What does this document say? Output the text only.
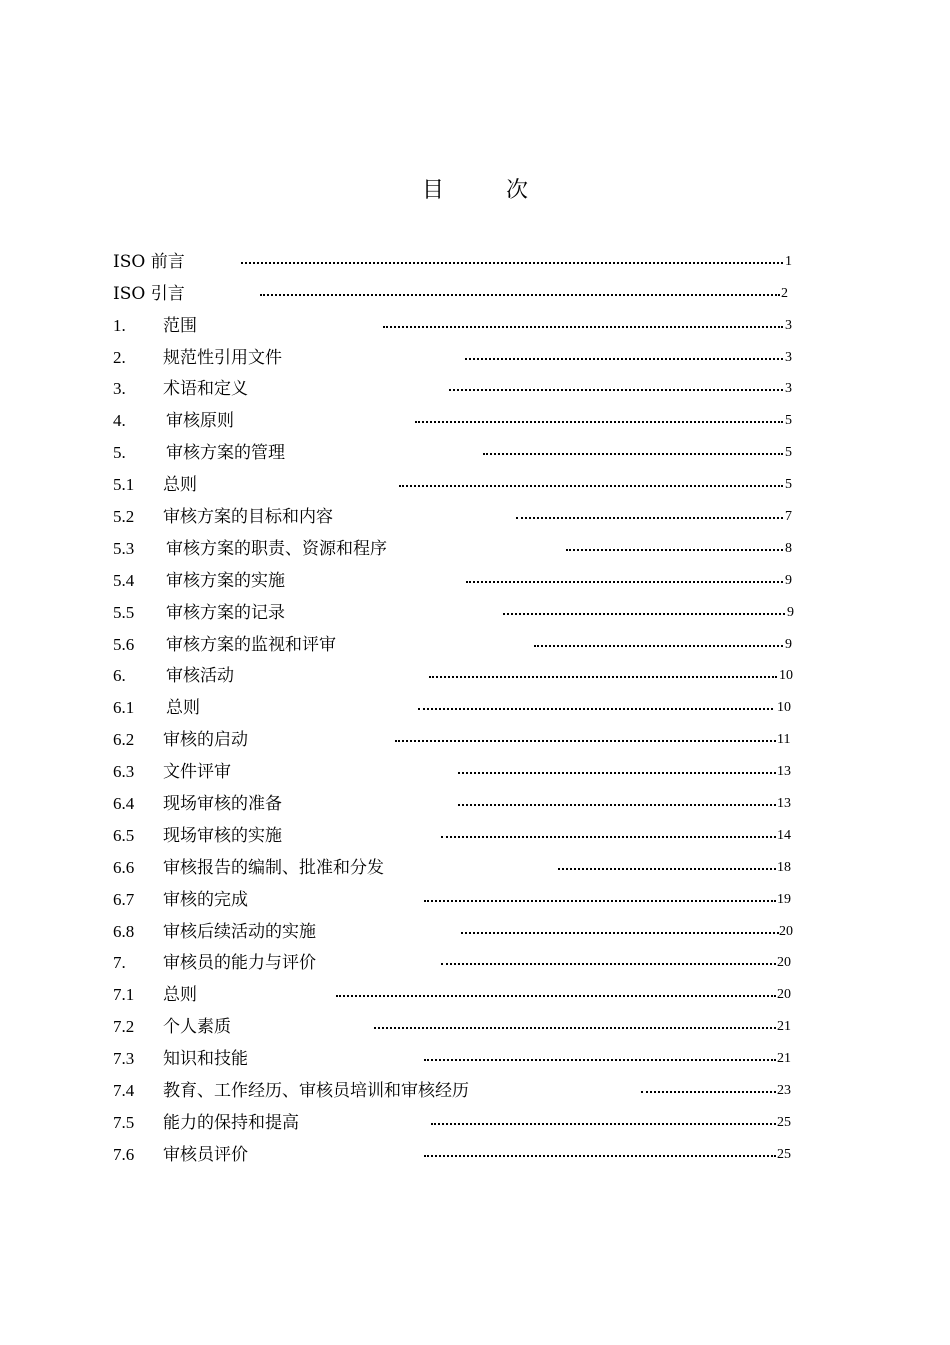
目	次
ISO 前言	1
ISO 引言	2
1.	范围	3
2.	规范性引用文件	3
3.	术语和定义	3
4.	审核原则	5
5.	审核方案的管理	5
5.1	总则	5
5.2	审核方案的目标和内容	7
5.3	审核方案的职责、资源和程序	8
5.4	审核方案的实施	9
5.5	审核方案的记录	9
5.6	审核方案的监视和评审	9
6.	审核活动	10
6.1	总则	10
6.2	审核的启动	11
6.3	文件评审	13
6.4	现场审核的准备	13
6.5	现场审核的实施	14
6.6	审核报告的编制、批准和分发	18
6.7	审核的完成	19
6.8	审核后续活动的实施	20
7.	审核员的能力与评价	20
7.1	总则	20
7.2	个人素质	21
7.3	知识和技能	21
7.4	教育、工作经历、审核员培训和审核经历	23
7.5	能力的保持和提高	25
7.6	审核员评价	25
